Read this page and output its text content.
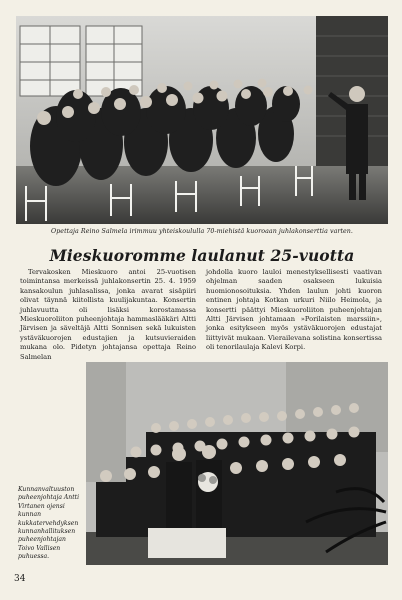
Opettaja Reino Salmela irimmuu yhteiskoululla 70-miehistä kuoroaan juhlakonserttia varten.
Mieskuoromme laulanut 25-vuotta
Tervakosken Mieskuoro antoi 25-vuotisen toimintansa merkeissä juhlakonsertin 25. 4. 1959 kansakoulun juhlasalissa, jonka avarat sisäpiiri olivat täynnä kiitollista kuulijakuntaa. Konsertin juhlavuutta oli lisäksi korostamassa Mieskuoroliiton puheenjohtaja hammaslääkäri Altti Järvisen ja säveltäjä Altti Sonnisen sekä lukuisten ystäväkuorojen edustajien ja kutsuvieraiden mukana olo. Pidetyn johtajansa opettaja Reino Salmelan
johdolla kuoro lauloi menestyksellisesti vaativan ohjelman saaden osakseen lukuisia huomionosoituksia. Yhden laulun johti kuoron entinen johtaja Kotkan urkuri Niilo Heimola, ja konsertti päättyi Mieskuoroliiton puheenjohtajan Altti Järvisen johtamaan »Porilaisten marssiin», jonka esitykseen myös ystäväkuorojen edustajat liittyivät mukaan. Vierailevana solistina konsertissa oli tenorilaulaja Kalevi Korpi.
Kunnanvaltuuston puheenjohtaja Antti Virtanen ojensi kunnan kukkatervehdyksen kunnanhallituksen puheenjohtajan Toivo Vallisen puhuessa.
34
